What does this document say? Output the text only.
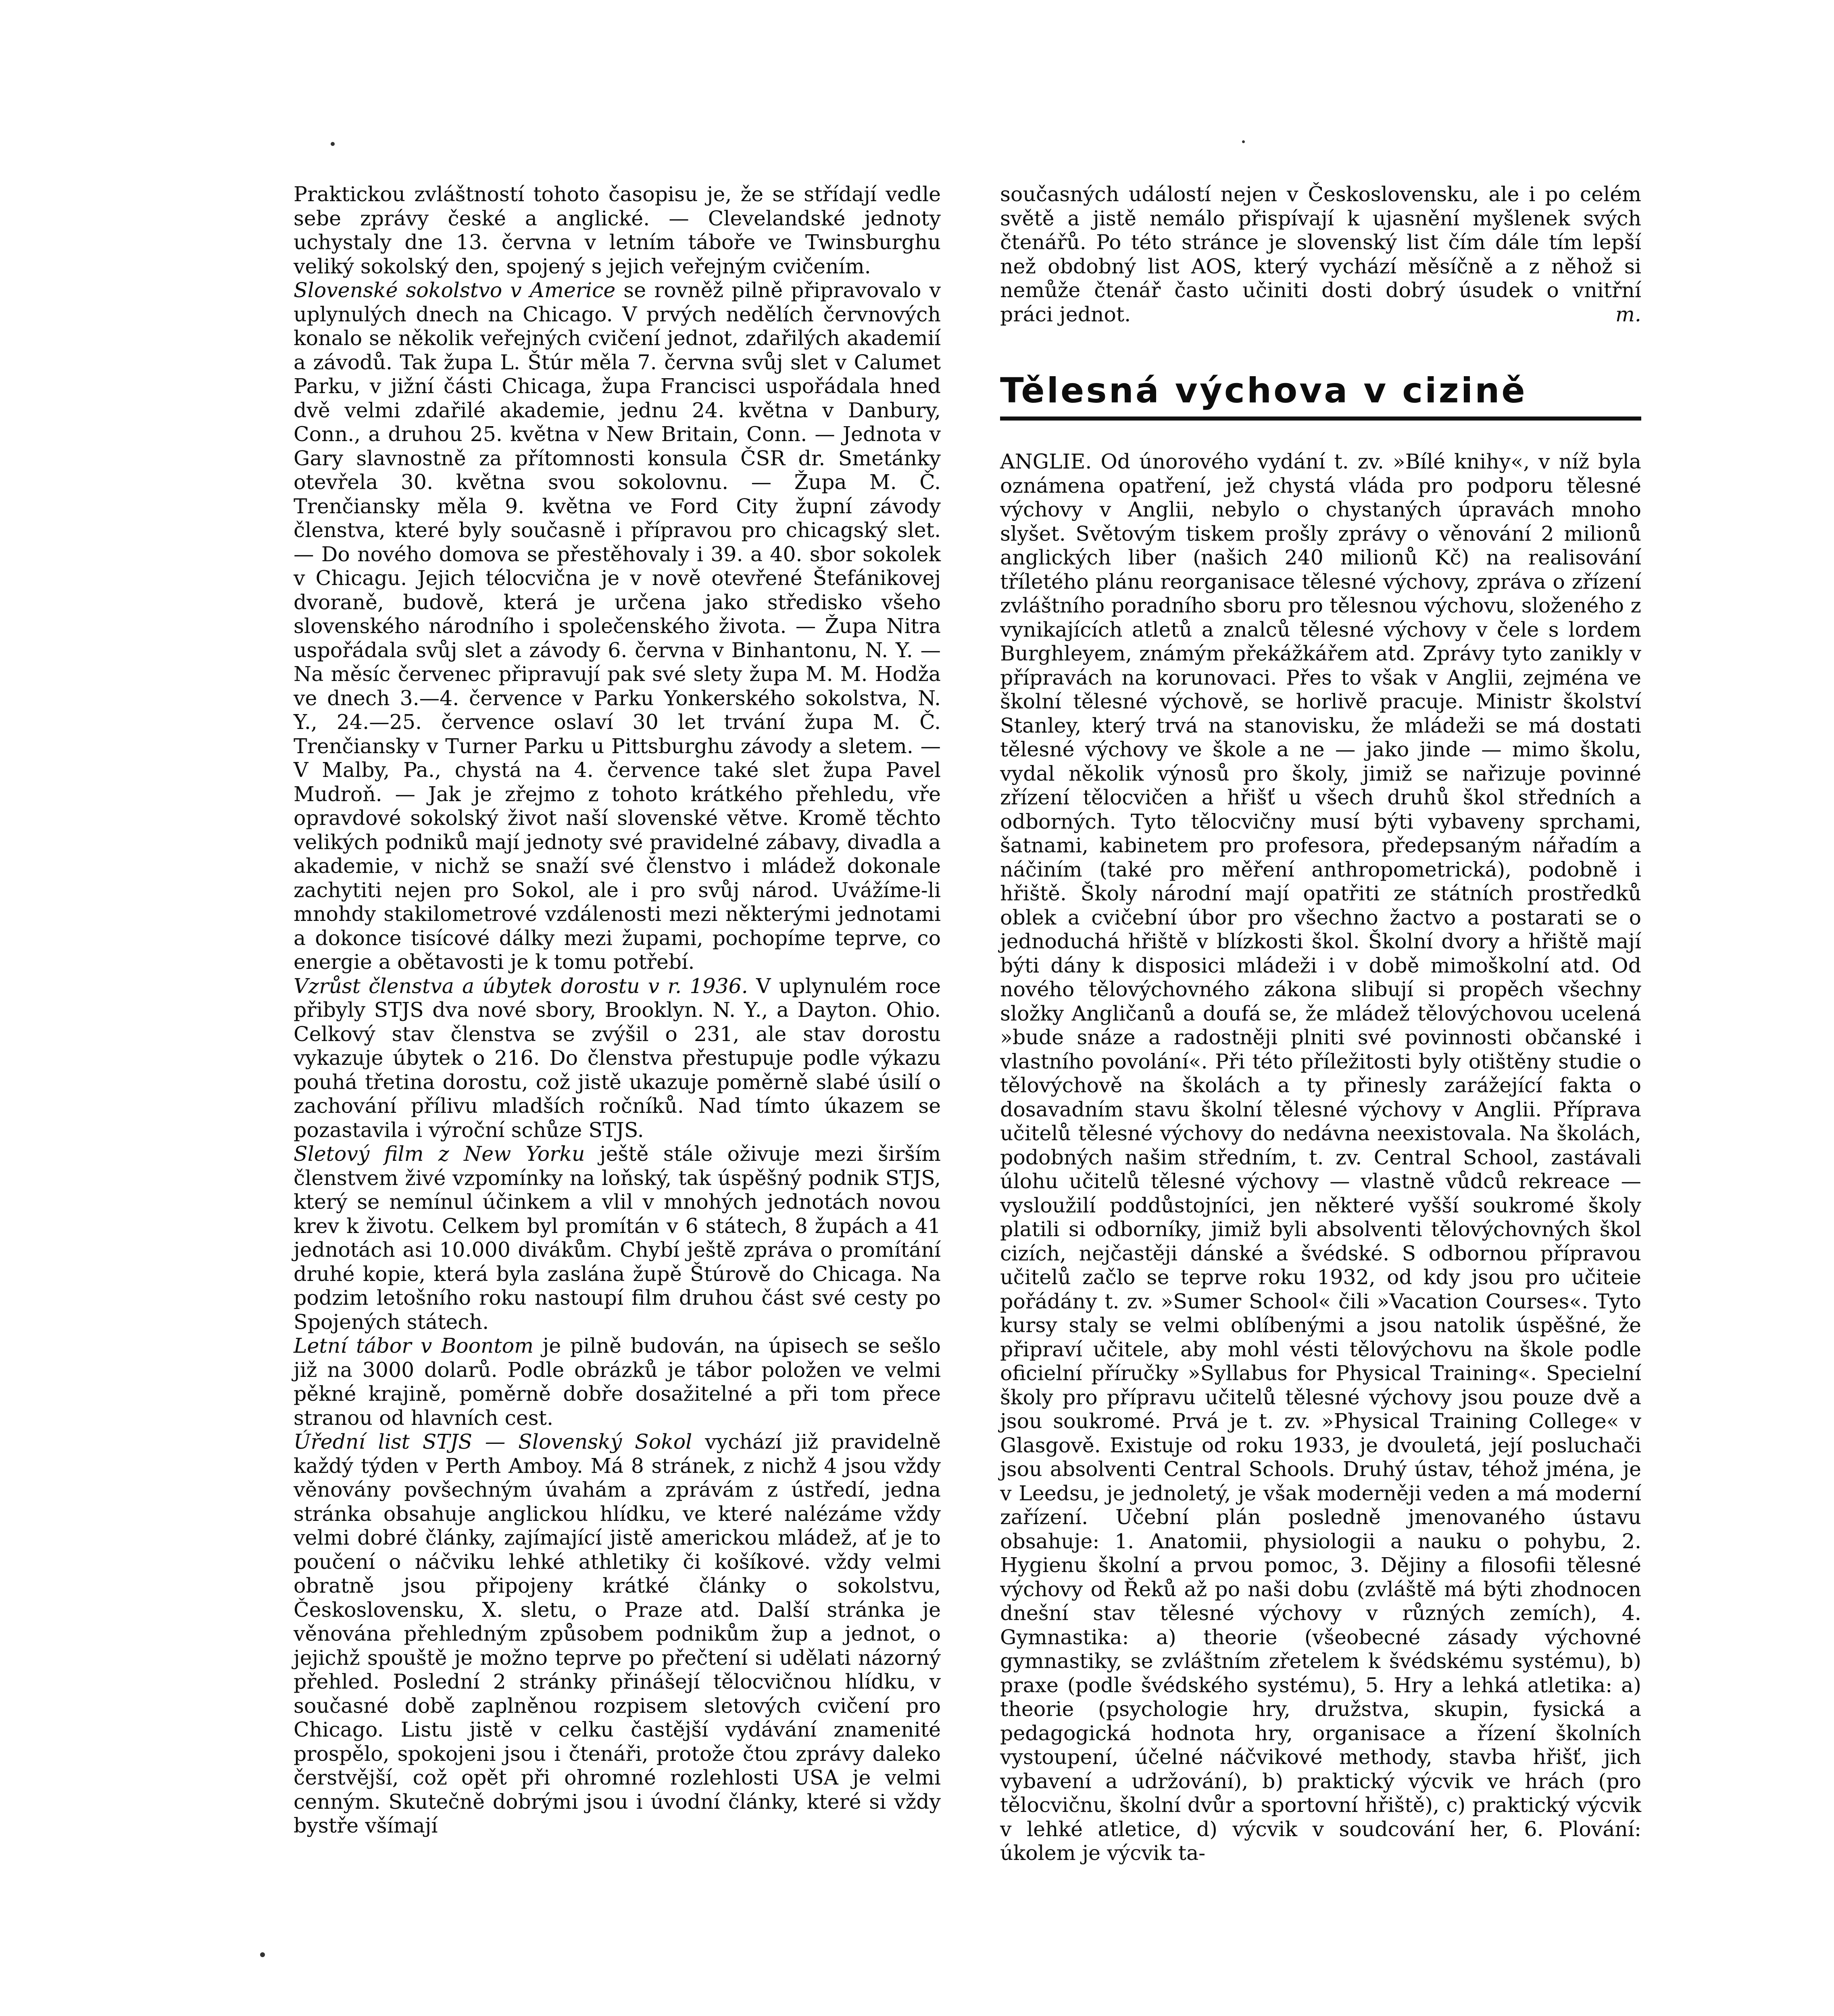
Praktickou zvláštností tohoto časopisu je, že se střídají vedle sebe zprávy české a anglické. — Clevelandské jednoty uchystaly dne 13. června v letním táboře ve Twinsburghu veliký sokolský den, spojený s jejich veřejným cvičením.

Slovenské sokolstvo v Americe se rovněž pilně připravovalo v uplynulých dnech na Chicago. V prvých nedělích červnových konalo se několik veřejných cvičení jednot, zdařilých akademií a závodů. Tak župa L. Štúr měla 7. června svůj slet v Calumet Parku, v jižní části Chicaga, župa Francisci uspořádala hned dvě velmi zdařilé akademie, jednu 24. května v Danbury, Conn., a druhou 25. května v New Britain, Conn. — Jednota v Gary slavnostně za přítomnosti konsula ČSR dr. Smetánky otevřela 30. května svou sokolovnu. — Župa M. Č. Trenčiansky měla 9. května ve Ford City župní závody členstva, které byly současně i přípravou pro chicagský slet. — Do nového domova se přestěhovaly i 39. a 40. sbor sokolek v Chicagu. Jejich télocvična je v nově otevřené Štefánikovej dvoraně, budově, která je určena jako středisko všeho slovenského národního i společenského života. — Župa Nitra uspořádala svůj slet a závody 6. června v Binhantonu, N. Y. — Na měsíc červenec připravují pak své slety župa M. M. Hodža ve dnech 3.—4. července v Parku Yonkerského sokolstva, N. Y., 24.—25. července oslaví 30 let trvání župa M. Č. Trenčiansky v Turner Parku u Pittsburghu závody a sletem. — V Malby, Pa., chystá na 4. července také slet župa Pavel Mudroň. — Jak je zřejmo z tohoto krátkého přehledu, vře opravdové sokolský život naší slovenské větve. Kromě těchto velikých podniků mají jednoty své pravidelné zábavy, divadla a akademie, v nichž se snaží své členstvo i mládež dokonale zachytiti nejen pro Sokol, ale i pro svůj národ. Uvážíme-li mnohdy stakilometrové vzdálenosti mezi některými jednotami a dokonce tisícové dálky mezi župami, pochopíme teprve, co energie a obětavosti je k tomu potřebí.

Vzrůst členstva a úbytek dorostu v r. 1936. V uplynulém roce přibyly STJS dva nové sbory, Brooklyn. N. Y., a Dayton. Ohio. Celkový stav členstva se zvýšil o 231, ale stav dorostu vykazuje úbytek o 216. Do členstva přestupuje podle výkazu pouhá třetina dorostu, což jistě ukazuje poměrně slabé úsilí o zachování přílivu mladších ročníků. Nad tímto úkazem se pozastavila i výroční schůze STJS.

Sletový film z New Yorku ještě stále oživuje mezi širším členstvem živé vzpomínky na loňský, tak úspěšný podnik STJS, který se nemínul účinkem a vlil v mnohých jednotách novou krev k životu. Celkem byl promítán v 6 státech, 8 župách a 41 jednotách asi 10.000 divákům. Chybí ještě zpráva o promítání druhé kopie, která byla zaslána župě Štúrově do Chicaga. Na podzim letošního roku nastoupí film druhou část své cesty po Spojených státech.

Letní tábor v Boontom je pilně budován, na úpisech se sešlo již na 3000 dolarů. Podle obrázků je tábor položen ve velmi pěkné krajině, poměrně dobře dosažitelné a při tom přece stranou od hlavních cest.

Úřední list STJS — Slovenský Sokol vychází již pravidelně každý týden v Perth Amboy. Má 8 stránek, z nichž 4 jsou vždy věnovány povšechným úvahám a zprávám z ústředí, jedna stránka obsahuje anglickou hlídku, ve které nalézáme vždy velmi dobré články, zajímající jistě americkou mládež, ať je to poučení o náčviku lehké athletiky či košíkové. vždy velmi obratně jsou připojeny krátké články o sokolstvu, Československu, X. sletu, o Praze atd. Další stránka je věnována přehledným způsobem podnikům žup a jednot, o jejichž spouště je možno teprve po přečtení si udělati názorný přehled. Poslední 2 stránky přinášejí tělocvičnou hlídku, v současné době zaplněnou rozpisem sletových cvičení pro Chicago. Listu jistě v celku častější vydávání znamenité prospělo, spokojeni jsou i čtenáři, protože čtou zprávy daleko čerstvější, což opět při ohromné rozlehlosti USA je velmi cenným. Skutečně dobrými jsou i úvodní články, které si vždy bystře všímají

současných událostí nejen v Československu, ale i po celém světě a jistě nemálo přispívají k ujasnění myšlenek svých čtenářů. Po této stránce je slovenský list čím dále tím lepší než obdobný list AOS, který vychází měsíčně a z něhož si nemůže čtenář často učiniti dosti dobrý úsudek o vnitřní práci jednot.	m.

Tělesná výchova v cizině

ANGLIE. Od únorového vydání t. zv. »Bílé knihy«, v níž byla oznámena opatření, jež chystá vláda pro podporu tělesné výchovy v Anglii, nebylo o chystaných úpravách mnoho slyšet. Světovým tiskem prošly zprávy o věnování 2 milionů anglických liber (našich 240 milionů Kč) na realisování tříletého plánu reorganisace tělesné výchovy, zpráva o zřízení zvláštního poradního sboru pro tělesnou výchovu, složeného z vynikajících atletů a znalců tělesné výchovy v čele s lordem Burghleyem, známým překážkářem atd. Zprávy tyto zanikly v přípravách na korunovaci. Přes to však v Anglii, zejména ve školní tělesné výchově, se horlivě pracuje. Ministr školství Stanley, který trvá na stanovisku, že mládeži se má dostati tělesné výchovy ve škole a ne — jako jinde — mimo školu, vydal několik výnosů pro školy, jimiž se nařizuje povinné zřízení tělocvičen a hřišť u všech druhů škol středních a odborných. Tyto tělocvičny musí býti vybaveny sprchami, šatnami, kabinetem pro profesora, předepsaným nářadím a náčiním (také pro měření anthropometrická), podobně i hřiště. Školy národní mají opatřiti ze státních prostředků oblek a cvičební úbor pro všechno žactvo a postarati se o jednoduchá hřiště v blízkosti škol. Školní dvory a hřiště mají býti dány k disposici mládeži i v době mimoškolní atd. Od nového tělovýchovného zákona slibují si propěch všechny složky Angličanů a doufá se, že mládež tělovýchovou ucelená »bude snáze a radostněji plniti své povinnosti občanské i vlastního povolání«. Při této příležitosti byly otištěny studie o tělovýchově na školách a ty přinesly zarážející fakta o dosavadním stavu školní tělesné výchovy v Anglii. Příprava učitelů tělesné výchovy do nedávna neexistovala. Na školách, podobných našim středním, t. zv. Central School, zastávali úlohu učitelů tělesné výchovy — vlastně vůdců rekreace — vysloužilí poddůstojníci, jen některé vyšší soukromé školy platili si odborníky, jimiž byli absolventi tělovýchovných škol cizích, nejčastěji dánské a švédské. S odbornou přípravou učitelů začlo se teprve roku 1932, od kdy jsou pro učiteie pořádány t. zv. »Sumer School« čili »Vacation Courses«. Tyto kursy staly se velmi oblíbenými a jsou natolik úspěšné, že připraví učitele, aby mohl vésti tělovýchovu na škole podle oficielní příručky »Syllabus for Physical Training«. Specielní školy pro přípravu učitelů tělesné výchovy jsou pouze dvě a jsou soukromé. Prvá je t. zv. »Physical Training College« v Glasgově. Existuje od roku 1933, je dvouletá, její posluchači jsou absolventi Central Schools. Druhý ústav, téhož jména, je v Leedsu, je jednoletý, je však moderněji veden a má moderní zařízení. Učební plán posledně jmenovaného ústavu obsahuje: 1. Anatomii, physiologii a nauku o pohybu, 2. Hygienu školní a prvou pomoc, 3. Dějiny a filosofii tělesné výchovy od Řeků až po naši dobu (zvláště má býti zhodnocen dnešní stav tělesné výchovy v různých zemích), 4. Gymnastika: a) theorie (všeobecné zásady výchovné gymnastiky, se zvláštním zřetelem k švédskému systému), b) praxe (podle švédského systému), 5. Hry a lehká atletika: a) theorie (psychologie hry, družstva, skupin, fysická a pedagogická hodnota hry, organisace a řízení školních vystoupení, účelné náčvikové methody, stavba hřišť, jich vybavení a udržování), b) praktický výcvik ve hrách (pro tělocvičnu, školní dvůr a sportovní hřiště), c) praktický výcvik v lehké atletice, d) výcvik v soudcování her, 6. Plování: úkolem je výcvik ta-
